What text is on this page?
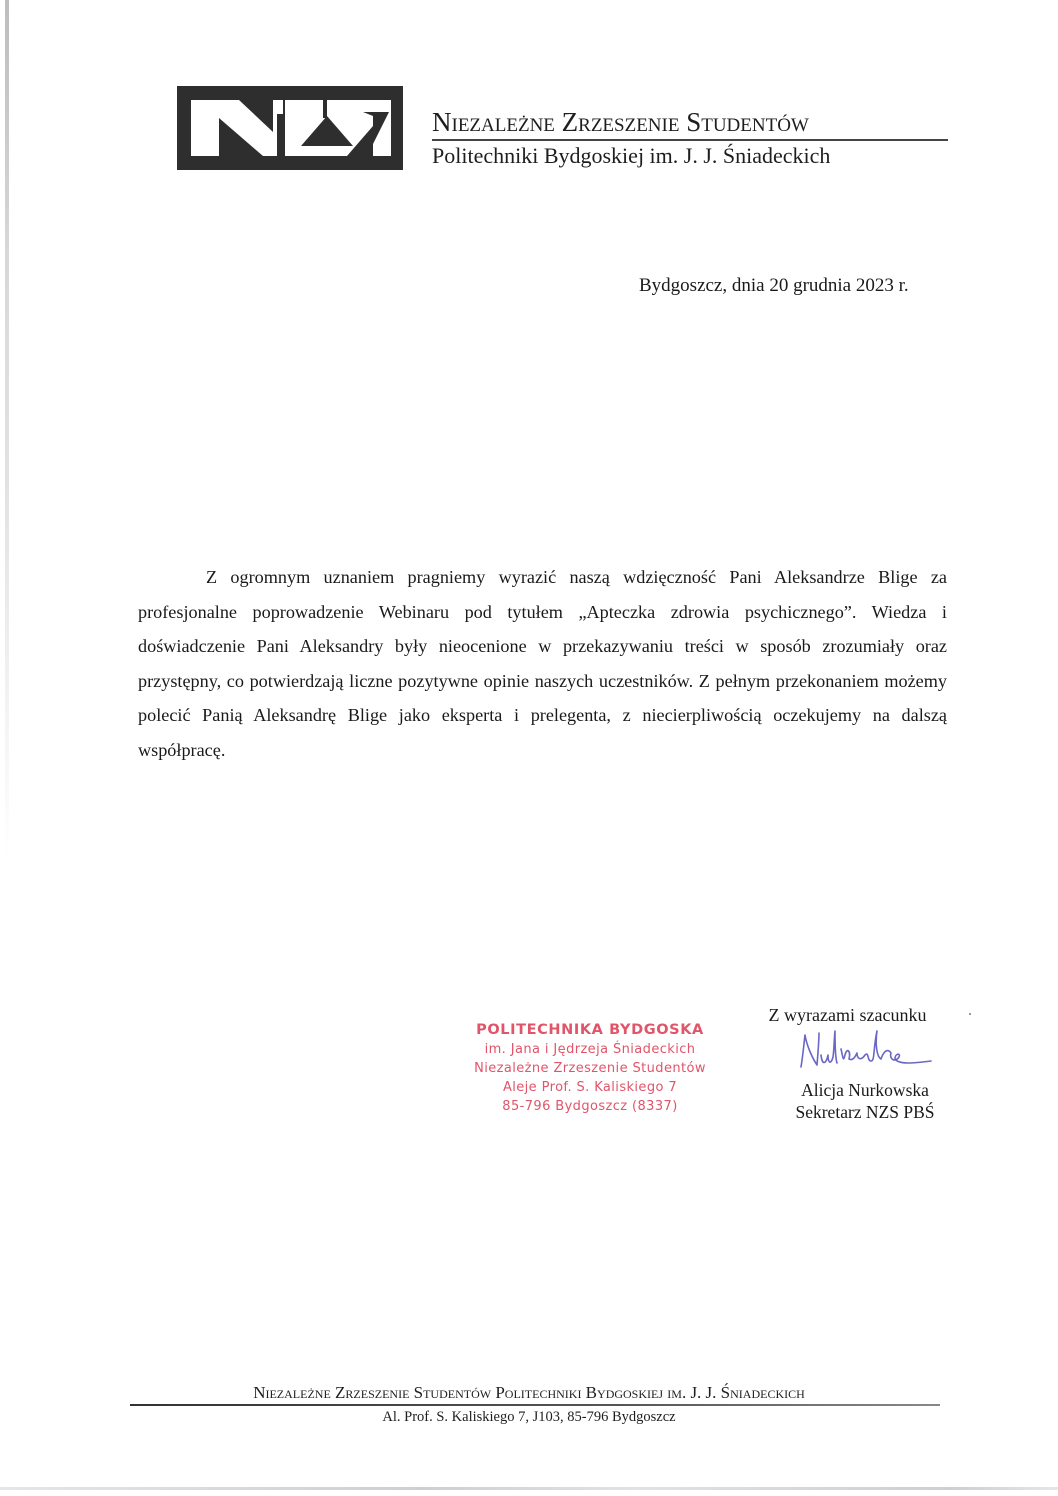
Niezależne Zrzeszenie Studentów
Politechniki Bydgoskiej im. J. J. Śniadeckich
Bydgoszcz, dnia 20 grudnia 2023 r.

Z ogromnym uznaniem pragniemy wyrazić naszą wdzięczność Pani Aleksandrze Blige za profesjonalne poprowadzenie Webinaru pod tytułem „Apteczka zdrowia psychicznego”. Wiedza i doświadczenie Pani Aleksandry były nieocenione w przekazywaniu treści w sposób zrozumiały oraz przystępny, co potwierdzają liczne pozytywne opinie naszych uczestników. Z pełnym przekonaniem możemy polecić Panią Aleksandrę Blige jako eksperta i prelegenta, z niecierpliwością oczekujemy na dalszą współpracę.

POLITECHNIKA BYDGOSKA
im. Jana i Jędrzeja Śniadeckich
Niezależne Zrzeszenie Studentów
Aleje Prof. S. Kaliskiego 7
85-796 Bydgoszcz (8337)
Z wyrazami szacunku
Alicja Nurkowska
Sekretarz NZS PBŚ
Niezależne Zrzeszenie Studentów Politechniki Bydgoskiej im. J. J. Śniadeckich
Al. Prof. S. Kaliskiego 7, J103, 85-796 Bydgoszcz
